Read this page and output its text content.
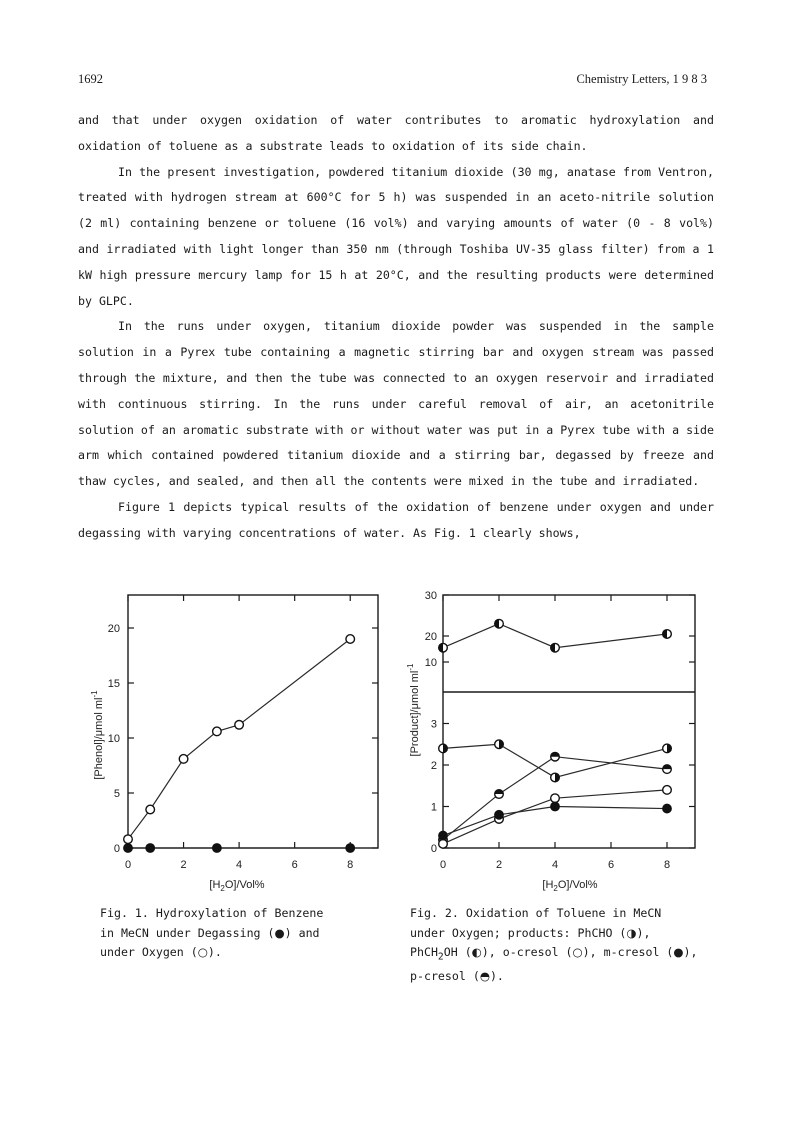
1692	Chemistry Letters, 1 9 8 3

and that under oxygen oxidation of water contributes to aromatic hydroxylation and oxidation of toluene as a substrate leads to oxidation of its side chain.

In the present investigation, powdered titanium dioxide (30 mg, anatase from Ventron, treated with hydrogen stream at 600°C for 5 h) was suspended in an aceto-nitrile solution (2 ml) containing benzene or toluene (16 vol%) and varying amounts of water (0 - 8 vol%) and irradiated with light longer than 350 nm (through Toshiba UV-35 glass filter) from a 1 kW high pressure mercury lamp for 15 h at 20°C, and the resulting products were determined by GLPC.

In the runs under oxygen, titanium dioxide powder was suspended in the sample solution in a Pyrex tube containing a magnetic stirring bar and oxygen stream was passed through the mixture, and then the tube was connected to an oxygen reservoir and irradiated with continuous stirring. In the runs under careful removal of air, an acetonitrile solution of an aromatic substrate with or without water was put in a Pyrex tube with a side arm which contained powdered titanium dioxide and a stirring bar, degassed by freeze and thaw cycles, and sealed, and then all the contents were mixed in the tube and irradiated.

Figure 1 depicts typical results of the oxidation of benzene under oxygen and under degassing with varying concentrations of water. As Fig. 1 clearly shows,

0	2	4	6	8
0
5
10
15
20
$[H_2O]/Vol\%$
[Phenol]/μmol $ml^{-1}$
0	2	4	6	8
0
1
2
3
10
20
30
$[H_2O]/Vol\%$
[Product]/μmol $ml^{-1}$
Fig. 1. Hydroxylation of Benzene
in MeCN under Degassing (●) and
under Oxygen (○).
Fig. 2. Oxidation of Toluene in MeCN
under Oxygen; products: PhCHO (◑),
PhCH$_2$OH (◐), o-cresol (○), m-cresol (●),
p-cresol (◓).
